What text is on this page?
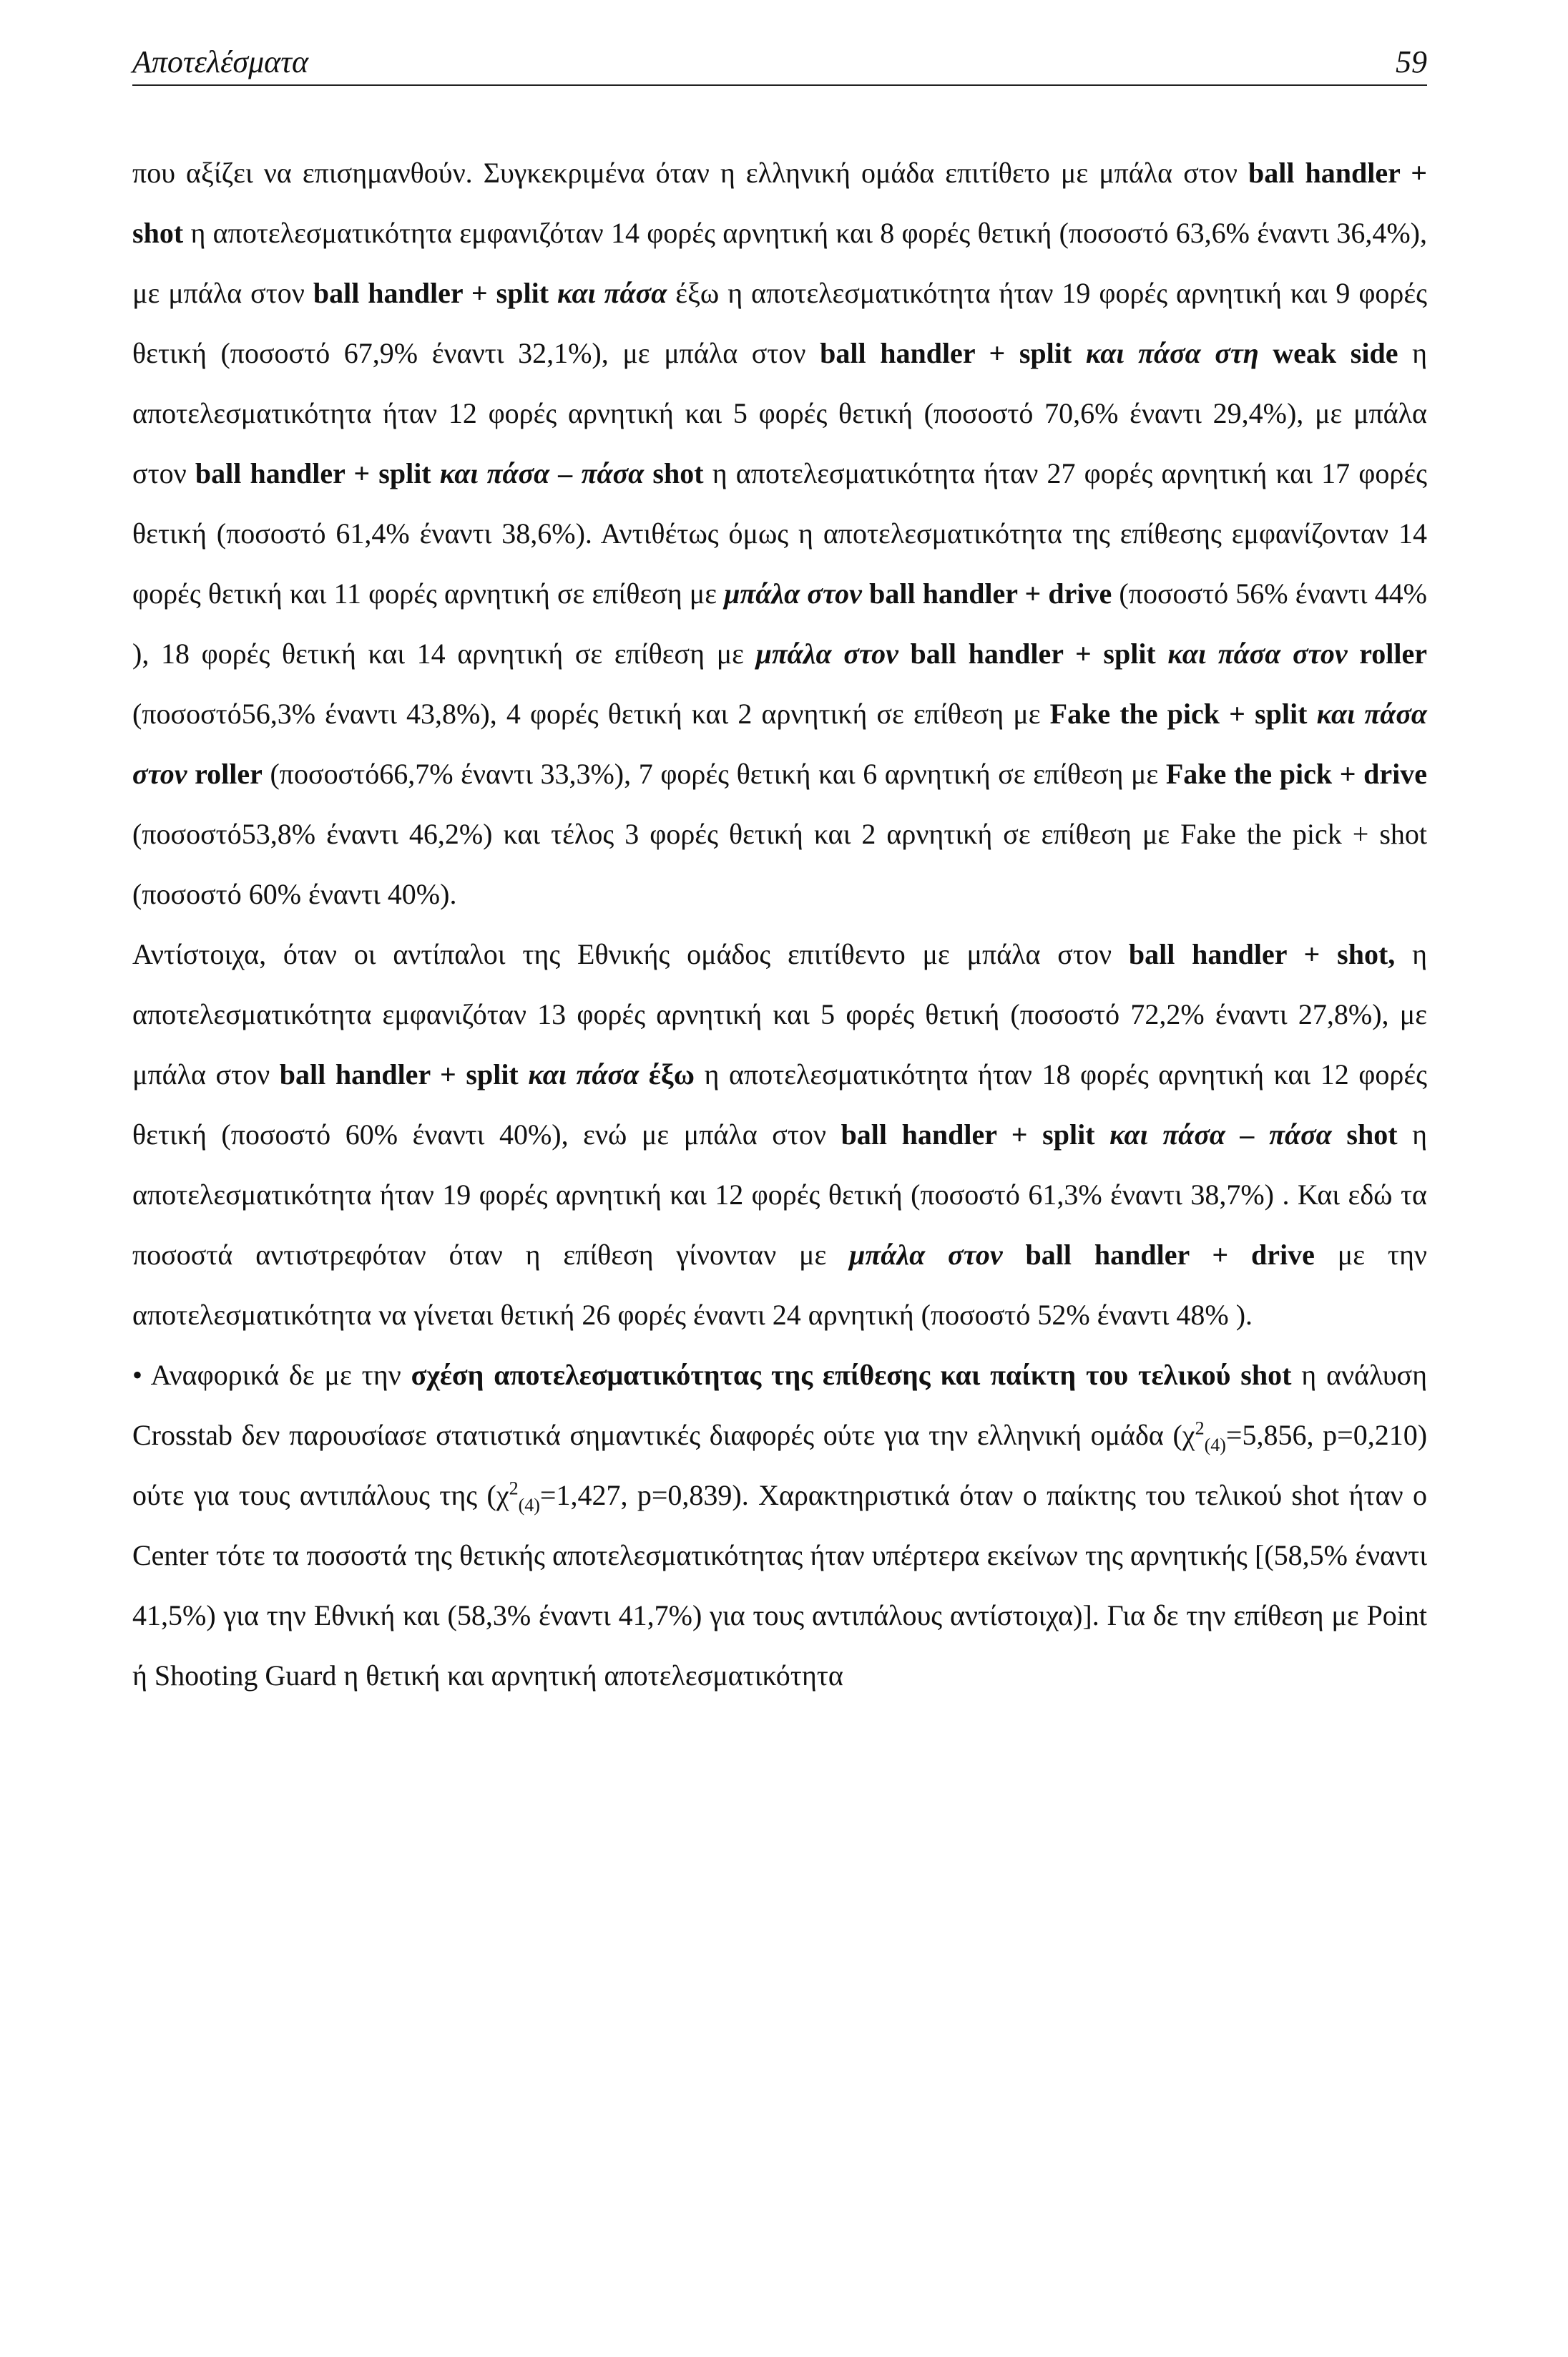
Αποτελέσματα	59

που αξίζει να επισημανθούν. Συγκεκριμένα όταν η ελληνική ομάδα επιτίθετο με μπάλα στον ball handler + shot η αποτελεσματικότητα εμφανιζόταν 14 φορές αρνητική και 8 φορές θετική (ποσοστό 63,6% έναντι 36,4%), με μπάλα στον ball handler + split και πάσα έξω η αποτελεσματικότητα ήταν 19 φορές αρνητική και 9 φορές θετική (ποσοστό 67,9% έναντι 32,1%), με μπάλα στον ball handler + split και πάσα στη weak side η αποτελεσματικότητα ήταν 12 φορές αρνητική και 5 φορές θετική (ποσοστό 70,6% έναντι 29,4%), με μπάλα στον ball handler + split και πάσα – πάσα shot η αποτελεσματικότητα ήταν 27 φορές αρνητική και 17 φορές θετική (ποσοστό 61,4% έναντι 38,6%). Αντιθέτως όμως η αποτελεσματικότητα της επίθεσης εμφανίζονταν 14 φορές θετική και 11 φορές αρνητική σε επίθεση με μπάλα στον ball handler + drive (ποσοστό 56% έναντι 44% ), 18 φορές θετική και 14 αρνητική σε επίθεση με μπάλα στον ball handler + split και πάσα στον roller (ποσοστό56,3% έναντι 43,8%), 4 φορές θετική και 2 αρνητική σε επίθεση με Fake the pick + split και πάσα στον roller (ποσοστό66,7% έναντι 33,3%), 7 φορές θετική και 6 αρνητική σε επίθεση με Fake the pick + drive (ποσοστό53,8% έναντι 46,2%) και τέλος 3 φορές θετική και 2 αρνητική σε επίθεση με Fake the pick + shot (ποσοστό 60% έναντι 40%).

Αντίστοιχα, όταν οι αντίπαλοι της Εθνικής ομάδος επιτίθεντο με μπάλα στον ball handler + shot, η αποτελεσματικότητα εμφανιζόταν 13 φορές αρνητική και 5 φορές θετική (ποσοστό 72,2% έναντι 27,8%), με μπάλα στον ball handler + split και πάσα έξω η αποτελεσματικότητα ήταν 18 φορές αρνητική και 12 φορές θετική (ποσοστό 60% έναντι 40%), ενώ με μπάλα στον ball handler + split και πάσα – πάσα shot η αποτελεσματικότητα ήταν 19 φορές αρνητική και 12 φορές θετική (ποσοστό 61,3% έναντι 38,7%) . Και εδώ τα ποσοστά αντιστρεφόταν όταν η επίθεση γίνονταν με μπάλα στον ball handler + drive με την αποτελεσματικότητα να γίνεται θετική 26 φορές έναντι 24 αρνητική (ποσοστό 52% έναντι 48% ).

• Αναφορικά δε με την σχέση αποτελεσματικότητας της επίθεσης και παίκτη του τελικού shot η ανάλυση Crosstab δεν παρουσίασε στατιστικά σημαντικές διαφορές ούτε για την ελληνική ομάδα ($\chi^2_{(4)}=5,856$, p=0,210) ούτε για τους αντιπάλους της ($\chi^2_{(4)}=1,427$, p=0,839). Χαρακτηριστικά όταν ο παίκτης του τελικού shot ήταν ο Center τότε τα ποσοστά της θετικής αποτελεσματικότητας ήταν υπέρτερα εκείνων της αρνητικής [(58,5% έναντι 41,5%) για την Εθνική και (58,3% έναντι 41,7%) για τους αντιπάλους αντίστοιχα)]. Για δε την επίθεση με Point ή Shooting Guard η θετική και αρνητική αποτελεσματικότητα
